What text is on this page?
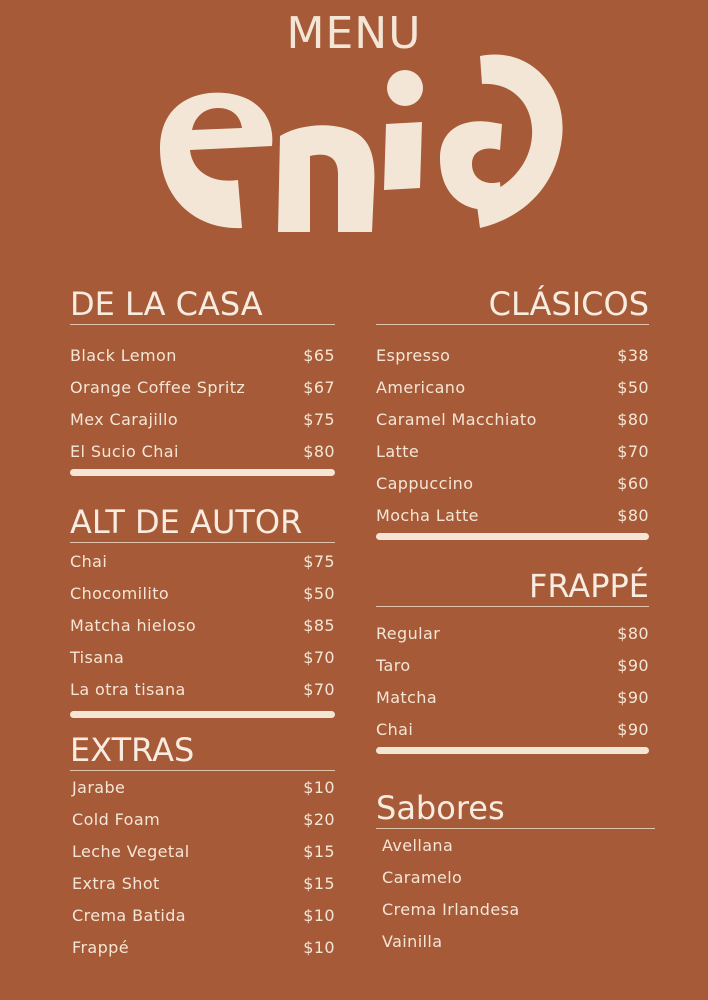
MENU
DE LA CASA
Black Lemon	$65
Orange Coffee Spritz	$67
Mex Carajillo	$75
El Sucio Chai	$80
CLÁSICOS
Espresso	$38
Americano	$50
Caramel Macchiato	$80
Latte	$70
Cappuccino	$60
Mocha Latte	$80
ALT DE AUTOR
Chai	$75
Chocomilito	$50
Matcha hieloso	$85
Tisana	$70
La otra tisana	$70
FRAPPÉ
Regular	$80
Taro	$90
Matcha	$90
Chai	$90
EXTRAS
Jarabe	$10
Cold Foam	$20
Leche Vegetal	$15
Extra Shot	$15
Crema Batida	$10
Frappé	$10
Sabores
Avellana
Caramelo
Crema Irlandesa
Vainilla
